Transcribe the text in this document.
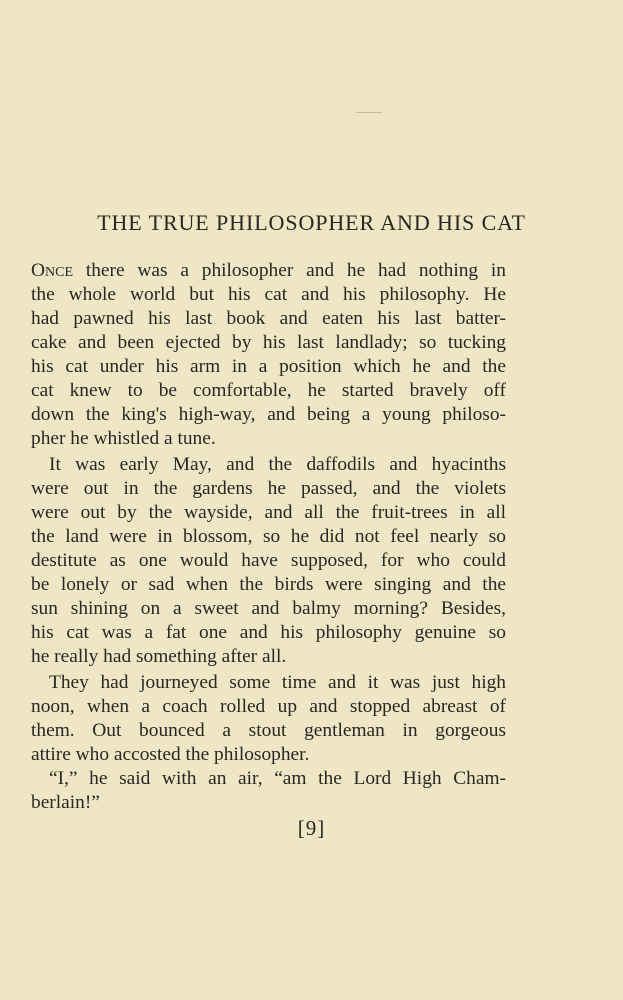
THE TRUE PHILOSOPHER AND HIS CAT
Once there was a philosopher and he had nothing in
the whole world but his cat and his philosophy. He
had pawned his last book and eaten his last batter-
cake and been ejected by his last landlady; so tucking
his cat under his arm in a position which he and the
cat knew to be comfortable, he started bravely off
down the king's high-way, and being a young philoso-
pher he whistled a tune.
It was early May, and the daffodils and hyacinths
were out in the gardens he passed, and the violets
were out by the wayside, and all the fruit-trees in all
the land were in blossom, so he did not feel nearly so
destitute as one would have supposed, for who could
be lonely or sad when the birds were singing and the
sun shining on a sweet and balmy morning? Besides,
his cat was a fat one and his philosophy genuine so
he really had something after all.
They had journeyed some time and it was just high
noon, when a coach rolled up and stopped abreast of
them. Out bounced a stout gentleman in gorgeous
attire who accosted the philosopher.
“I,” he said with an air, “am the Lord High Cham-
berlain!”
[9]
